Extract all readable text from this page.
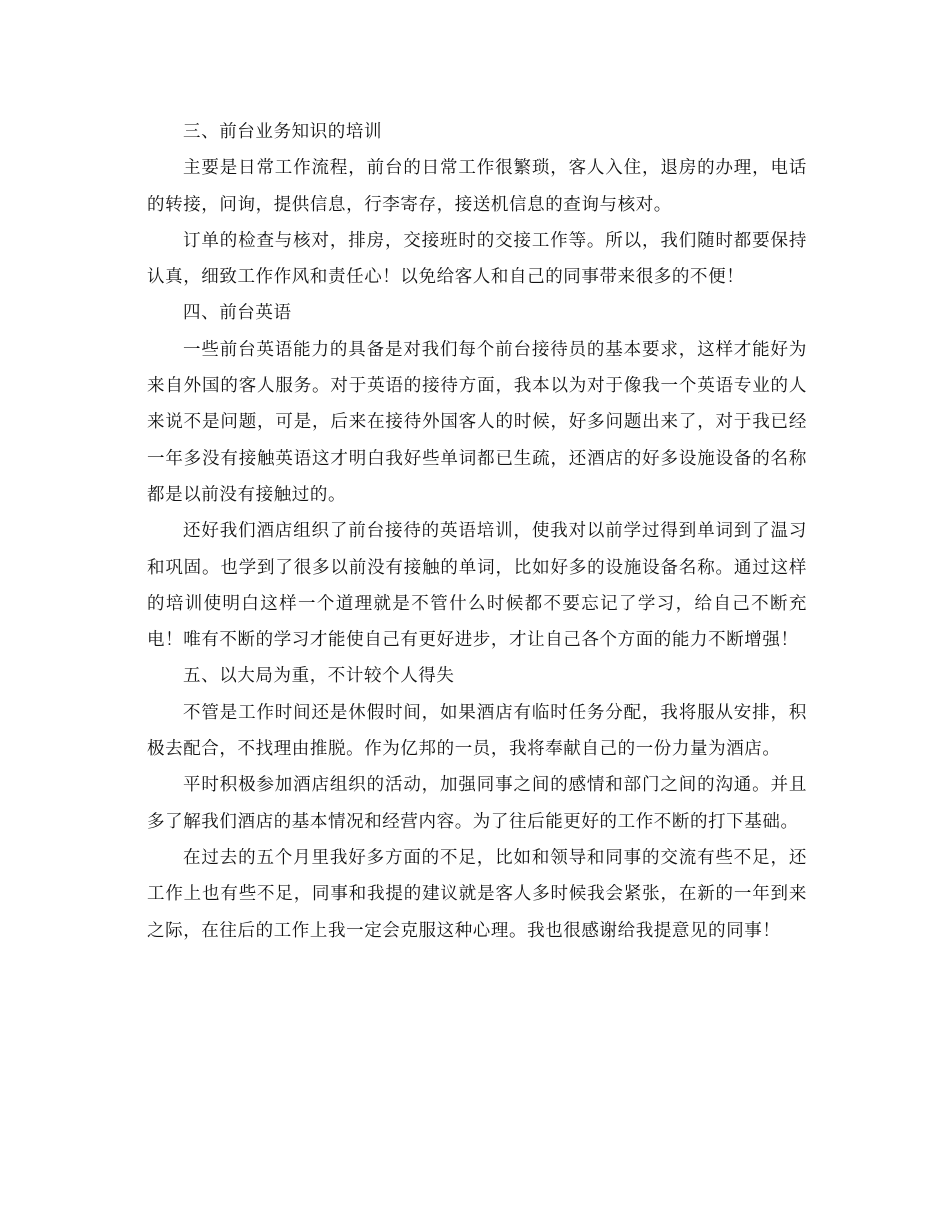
三、前台业务知识的培训

主要是日常工作流程，前台的日常工作很繁琐，客人入住，退房的办理，电话的转接，问询，提供信息，行李寄存，接送机信息的查询与核对。

订单的检查与核对，排房，交接班时的交接工作等。所以，我们随时都要保持认真，细致工作作风和责任心！以免给客人和自己的同事带来很多的不便！

四、前台英语

一些前台英语能力的具备是对我们每个前台接待员的基本要求，这样才能好为来自外国的客人服务。对于英语的接待方面，我本以为对于像我一个英语专业的人来说不是问题，可是，后来在接待外国客人的时候，好多问题出来了，对于我已经一年多没有接触英语这才明白我好些单词都已生疏，还酒店的好多设施设备的名称都是以前没有接触过的。

还好我们酒店组织了前台接待的英语培训，使我对以前学过得到单词到了温习和巩固。也学到了很多以前没有接触的单词，比如好多的设施设备名称。通过这样的培训使明白这样一个道理就是不管什么时候都不要忘记了学习，给自己不断充电！唯有不断的学习才能使自己有更好进步，才让自己各个方面的能力不断增强！

五、以大局为重，不计较个人得失

不管是工作时间还是休假时间，如果酒店有临时任务分配，我将服从安排，积极去配合，不找理由推脱。作为亿邦的一员，我将奉献自己的一份力量为酒店。

平时积极参加酒店组织的活动，加强同事之间的感情和部门之间的沟通。并且多了解我们酒店的基本情况和经营内容。为了往后能更好的工作不断的打下基础。

在过去的五个月里我好多方面的不足，比如和领导和同事的交流有些不足，还工作上也有些不足，同事和我提的建议就是客人多时候我会紧张，在新的一年到来之际，在往后的工作上我一定会克服这种心理。我也很感谢给我提意见的同事！
